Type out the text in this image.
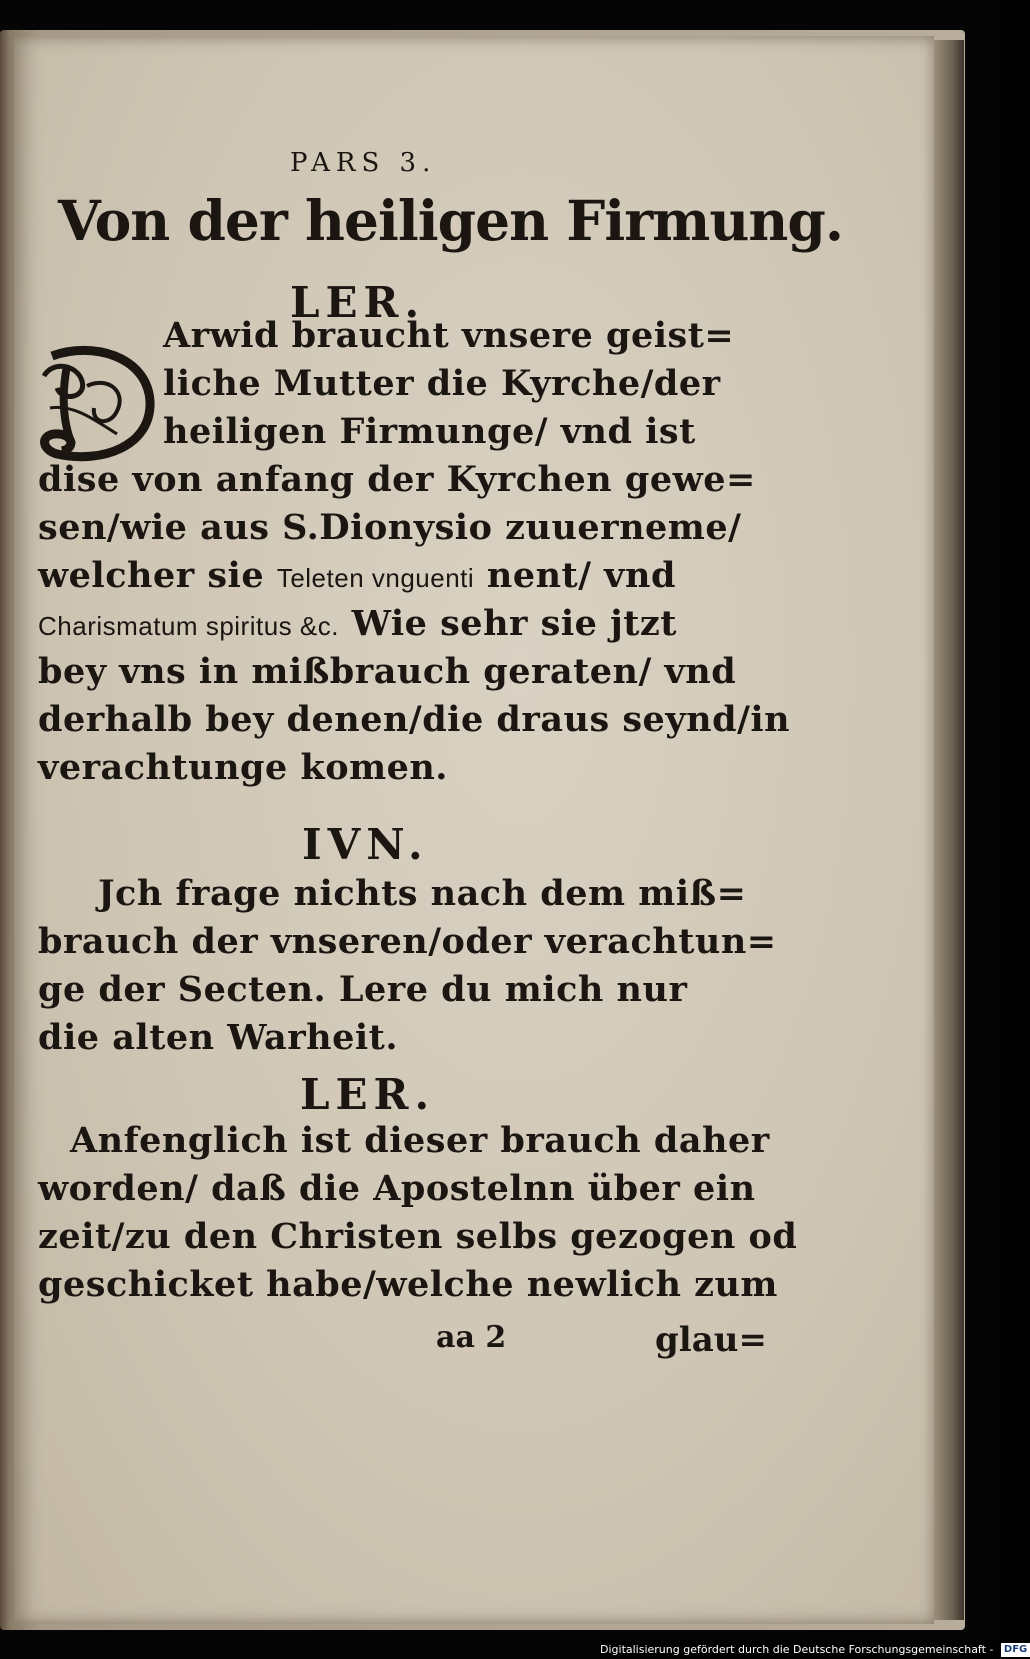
PARS 3.
Von der heiligen Firmung.
LER.
Arwid braucht vnsere geist=
liche Mutter die Kyrche/der
heiligen Firmunge/ vnd ist
dise von anfang der Kyrchen gewe=
sen/wie aus S.Dionysio zuuerneme/
welcher sie Teleten vnguenti nent/ vnd
Charismatum spiritus &c. Wie sehr sie jtzt
bey vns in mißbrauch geraten/ vnd
derhalb bey denen/die draus seynd/in
verachtunge komen.
IVN.
Jch frage nichts nach dem miß=
brauch der vnseren/oder verachtun=
ge der Secten. Lere du mich nur
die alten Warheit.
LER.
Anfenglich ist dieser brauch daher
worden/ daß die Apostelnn über ein
zeit/zu den Christen selbs gezogen od
geschicket habe/welche newlich zum
aa 2	glau=
Digitalisierung gefördert durch die Deutsche Forschungsgemeinschaft - DFG
